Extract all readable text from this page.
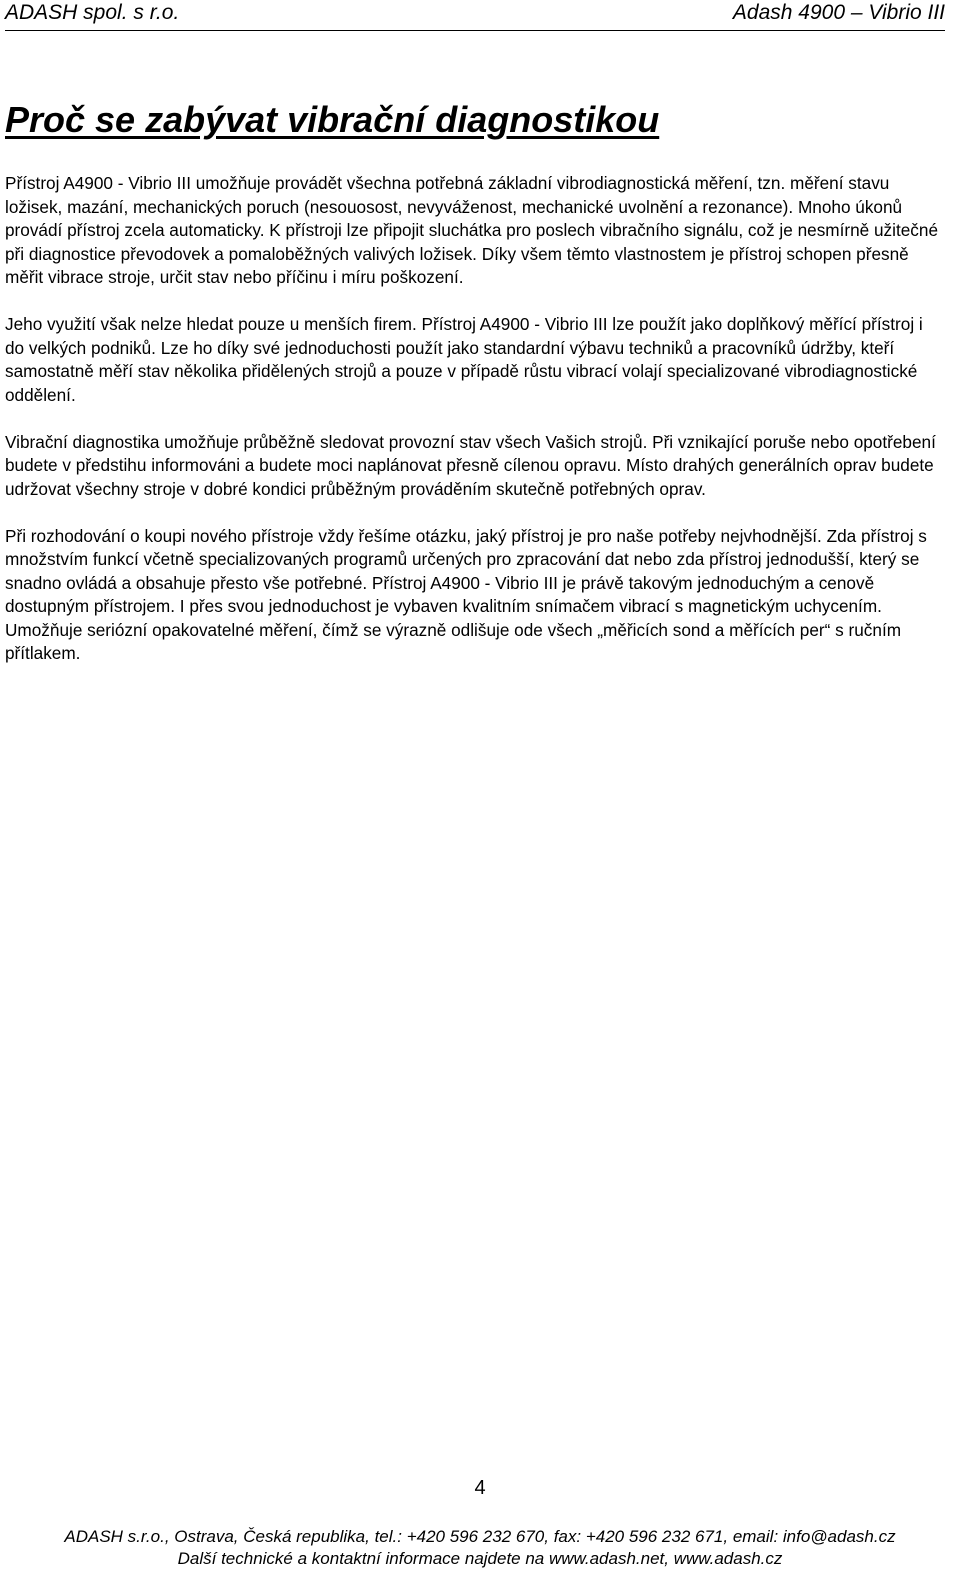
ADASH spol. s r.o.	Adash 4900 – Vibrio III
Proč se zabývat vibrační diagnostikou

Přístroj A4900 - Vibrio III umožňuje provádět všechna potřebná základní vibrodiagnostická měření, tzn. měření stavu ložisek, mazání, mechanických poruch (nesouosost, nevyváženost, mechanické uvolnění a rezonance). Mnoho úkonů provádí přístroj zcela automaticky. K přístroji lze připojit sluchátka pro poslech vibračního signálu, což je nesmírně užitečné při diagnostice převodovek a pomaloběžných valivých ložisek. Díky všem těmto vlastnostem je přístroj schopen přesně měřit vibrace stroje, určit stav nebo příčinu i míru poškození.

Jeho využití však nelze hledat pouze u menších firem. Přístroj A4900 - Vibrio III lze použít jako doplňkový měřící přístroj i do velkých podniků. Lze ho díky své jednoduchosti použít jako standardní výbavu techniků a pracovníků údržby, kteří samostatně měří stav několika přidělených strojů a pouze v případě růstu vibrací volají specializované vibrodiagnostické oddělení.

Vibrační diagnostika umožňuje průběžně sledovat provozní stav všech Vašich strojů. Při vznikající poruše nebo opotřebení budete v předstihu informováni a budete moci naplánovat přesně cílenou opravu. Místo drahých generálních oprav budete udržovat všechny stroje v dobré kondici průběžným prováděním skutečně potřebných oprav.

Při rozhodování o koupi nového přístroje vždy řešíme otázku, jaký přístroj je pro naše potřeby nejvhodnější. Zda přístroj s množstvím funkcí včetně specializovaných programů určených pro zpracování dat nebo zda přístroj jednodušší, který se snadno ovládá a obsahuje přesto vše potřebné. Přístroj A4900 - Vibrio III je právě takovým jednoduchým a cenově dostupným přístrojem. I přes svou jednoduchost je vybaven kvalitním snímačem vibrací s magnetickým uchycením. Umožňuje seriózní opakovatelné měření, čímž se výrazně odlišuje ode všech „měřicích sond a měřících per“ s ručním přítlakem.

4
ADASH s.r.o., Ostrava, Česká republika, tel.: +420 596 232 670, fax: +420 596 232 671, email: info@adash.cz
Další technické a kontaktní informace najdete na www.adash.net, www.adash.cz
